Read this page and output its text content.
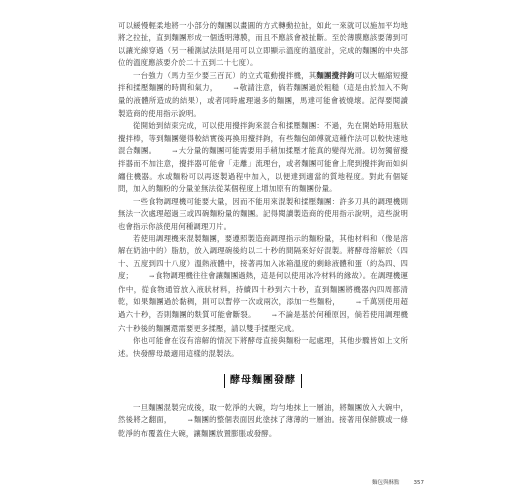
可以緩慢輕柔地將一小部分的麵團以畫圓的方式轉動拉扯，如此一來就可以施加平均地將之拉扯，直到麵團形成一個透明薄膜，而且不應該會被扯斷。至於薄膜應該要薄到可以讓光線穿過（另一種測試法則是用可以立即顯示溫度的溫度計，完成的麵團的中央部位的溫度應該要介於二十五到二十七度）。

一台強力（馬力至少要三百瓦）的立式電動攪拌機，其麵團攪拌鉤可以大幅縮短攪拌和揉壓麵團的時間和氣力，	→敬請注意，倘若麵團過於粗糙（這是由於加入不夠量的液體所造成的結果），或者同時處理過多的麵團，馬達可能會被燒壞。記得要閱讀製造商的使用指示說明。

從開始到結束完成，可以使用攪拌鉤來混合和揉壓麵團：不過，先在開始時用瓶狀攪拌棒，等到麵團變得較結實後再換用攪拌鉤，有些麵包師傅就這種作法可以較快速地混合麵團。	→大分量的麵團可能需要用手稍加揉壓才能真的變得光滑。切勿獨留攪拌器而不加注意，攪拌器可能會「走離」流理台，或者麵團可能會上爬到攪拌鉤而如糾纏住機器。水或麵粉可以再逐製過程中加入，以便達到適當的質地程度。對此有個疑問，加入的麵粉的分量並無法從某個程度上增加原有的麵團份量。

一些食物調理機可能要大量，因而不能用來混製和揉壓麵團：許多刀具的調理機則無法一次處理超過三或四碗麵粉量的麵團。記得閱讀製造商的使用指示說明，這些說明也會指示你該使用何種調理刀片。

若使用調理機來混製麵團，要遵照製造商調理指示的麵粉量，其他材料和（像是溶解在奶油中的）脂肪，放入調理碗後約以二十秒的間隔來好好混製。將酵母溶解於（四十、五度到四十八度）溫熱液體中，接著再加入冰箱溫度的剩餘液體和蛋（約為四、四度；	→食物調理機往往會讓麵團過熱，這是何以使用冰冷材料的緣故）。在調理機運作中，從食物通管放入液狀材料，持續四十秒到六十秒，直到麵團將機器內四周都清乾，如果麵團過於黏稠，則可以暫停一次或兩次，添加一些麵粉，	→千萬別使用超過六十秒，否則麵團的麩質可能會斷裂。	→不論是基於何種原因，倘若使用調理機六十秒後的麵團還需要更多揉壓，請以雙手揉壓完成。

你也可能會在沒有溶解的情況下將酵母直接與麵粉一起處理，其他步驟皆如上文所述。快發酵母最適用這樣的混製法。

酵母麵團發酵

一旦麵團混製完成後，取一乾淨的大碗，均勻地抹上一層油，將麵團放入大碗中，然後將之翻面，	→麵團的整個表面因此塗抹了薄薄的一層油。接著用保鮮膜或一條乾淨的布覆蓋住大碗，讓麵團放置膨脹或發酵。

麵包與酥點	357
